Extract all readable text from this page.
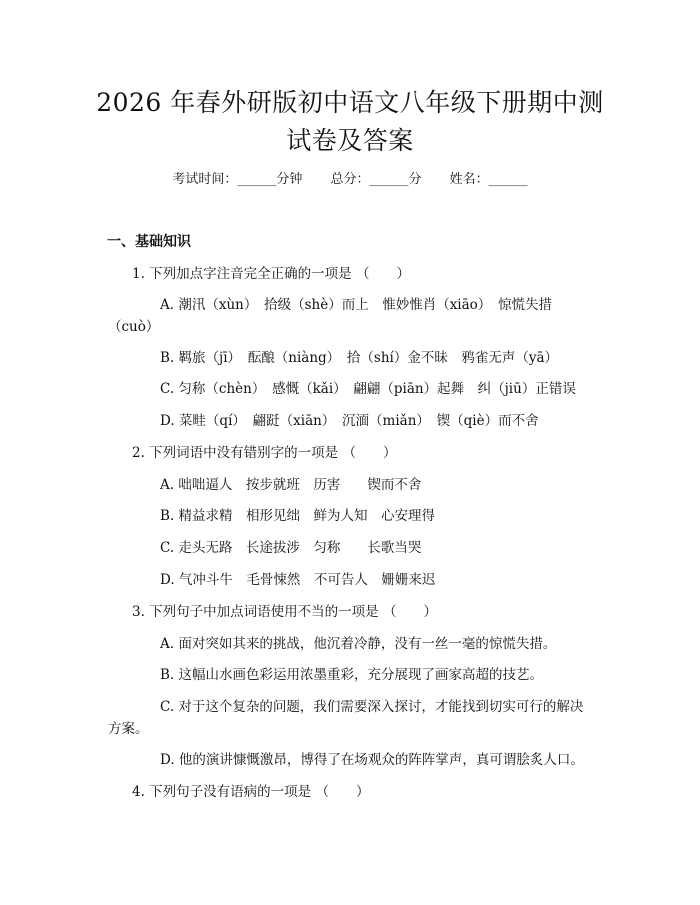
2026 年春外研版初中语文八年级下册期中测
试卷及答案
考试时间：______分钟 总分：______分 姓名：______
一、基础知识
1. 下列加点字注音完全正确的一项是 （　　）
A. 潮汛（xùn）　拾级（shè）而上　惟妙惟肖（xiāo）　惊慌失措
（cuò）
B. 羁旅（jī）　酝酿（niàng）　拾（shí）金不昧　鸦雀无声（yā）
C. 匀称（chèn）　感慨（kǎi）　翩翩（piān）起舞　纠（jiū）正错误
D. 菜畦（qí）　翩跹（xiān）　沉湎（miǎn）　锲（qiè）而不舍
2. 下列词语中没有错别字的一项是 （　　）
A. 咄咄逼人　按步就班　历害　　锲而不舍
B. 精益求精　相形见绌　鲜为人知　心安理得
C. 走头无路　长途拔涉　匀称　　长歌当哭
D. 气冲斗牛　毛骨悚然　不可告人　姗姗来迟
3. 下列句子中加点词语使用不当的一项是 （　　）
A. 面对突如其来的挑战，他沉着冷静，没有一丝一毫的惊慌失措。
B. 这幅山水画色彩运用浓墨重彩，充分展现了画家高超的技艺。
C. 对于这个复杂的问题，我们需要深入探讨，才能找到切实可行的解决
方案。
D. 他的演讲慷慨激昂，博得了在场观众的阵阵掌声，真可谓脍炙人口。
4. 下列句子没有语病的一项是 （　　）
